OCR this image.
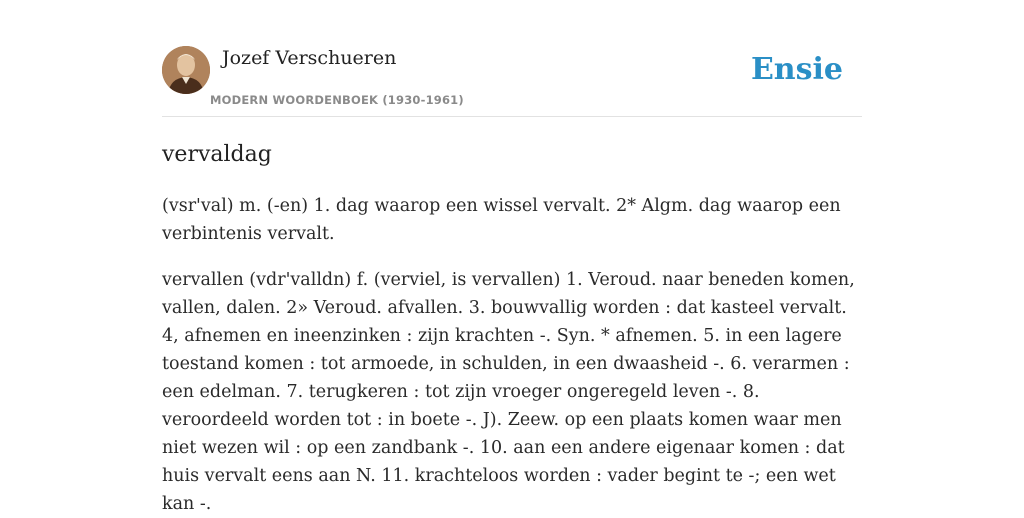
Jozef Verschueren
MODERN WOORDENBOEK (1930-1961)
Ensie
vervaldag

(vsr'val) m. (-en) 1. dag waarop een wissel vervalt. 2* Algm. dag waarop een verbintenis vervalt.

vervallen (vdr'valldn) f. (verviel, is vervallen) 1. Veroud. naar beneden komen, vallen, dalen. 2» Veroud. afvallen. 3. bouwvallig worden : dat kasteel vervalt. 4, afnemen en ineenzinken : zijn krachten -. Syn. * afnemen. 5. in een lagere toestand komen : tot armoede, in schulden, in een dwaasheid -. 6. verarmen : een edelman. 7. terugkeren : tot zijn vroeger ongeregeld leven -. 8. veroordeeld worden tot : in boete -. J). Zeew. op een plaats komen waar men niet wezen wil : op een zandbank -. 10. aan een andere eigenaar komen : dat huis vervalt eens aan N. 11. krachteloos worden : vader begint te -; een wet kan -.
